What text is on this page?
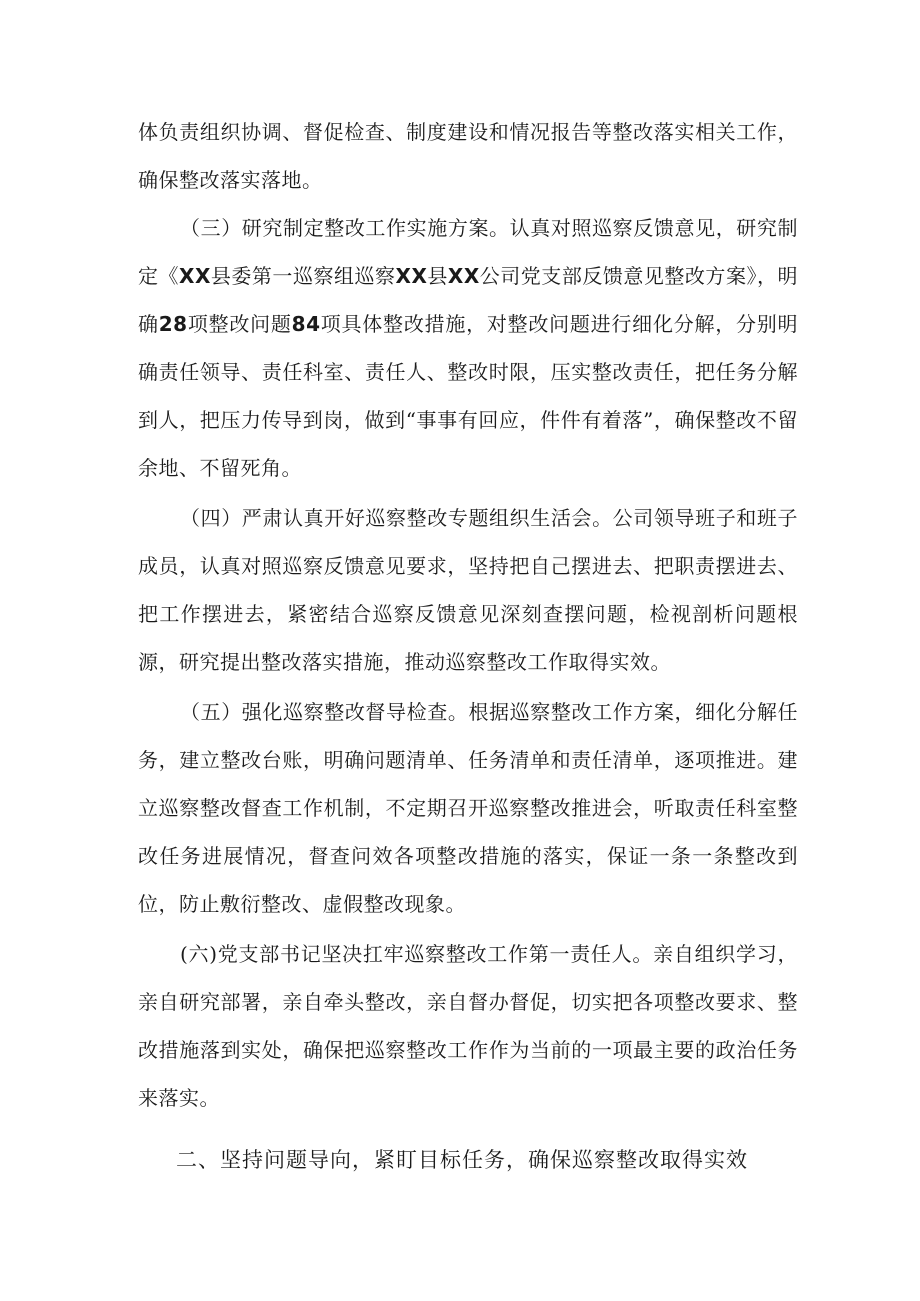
体负责组织协调、督促检查、制度建设和情况报告等整改落实相关工作，确保整改落实落地。

（三）研究制定整改工作实施方案。认真对照巡察反馈意见，研究制定《XX县委第一巡察组巡察XX县XX公司党支部反馈意见整改方案》，明确28项整改问题84项具体整改措施，对整改问题进行细化分解，分别明确责任领导、责任科室、责任人、整改时限，压实整改责任，把任务分解到人，把压力传导到岗，做到“事事有回应，件件有着落”，确保整改不留余地、不留死角。

（四）严肃认真开好巡察整改专题组织生活会。公司领导班子和班子成员，认真对照巡察反馈意见要求，坚持把自己摆进去、把职责摆进去、把工作摆进去，紧密结合巡察反馈意见深刻查摆问题，检视剖析问题根源，研究提出整改落实措施，推动巡察整改工作取得实效。

（五）强化巡察整改督导检查。根据巡察整改工作方案，细化分解任务，建立整改台账，明确问题清单、任务清单和责任清单，逐项推进。建立巡察整改督查工作机制，不定期召开巡察整改推进会，听取责任科室整改任务进展情况，督查问效各项整改措施的落实，保证一条一条整改到位，防止敷衍整改、虚假整改现象。

(六)党支部书记坚决扛牢巡察整改工作第一责任人。亲自组织学习，亲自研究部署，亲自牵头整改，亲自督办督促，切实把各项整改要求、整改措施落到实处，确保把巡察整改工作作为当前的一项最主要的政治任务来落实。

二、坚持问题导向，紧盯目标任务，确保巡察整改取得实效
